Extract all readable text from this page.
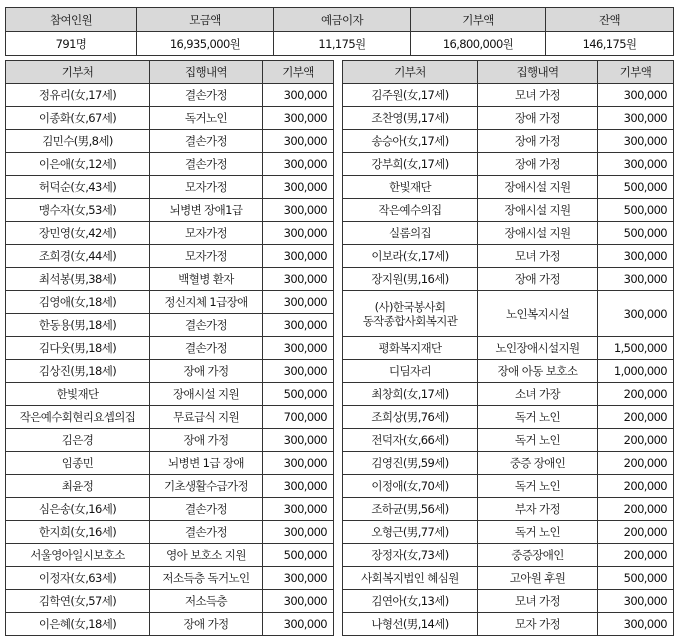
참여인원	모금액	예금이자	기부액	잔액
791명	16,935,000원	11,175원	16,800,000원	146,175원
기부처	집행내역	기부액
정유리(女,17세)	결손가정	300,000
이종화(女,67세)	독거노인	300,000
김민수(男,8세)	결손가정	300,000
이은애(女,12세)	결손가정	300,000
허덕순(女,43세)	모자가정	300,000
맹수자(女,53세)	뇌병변 장애1급	300,000
장민영(女,42세)	모자가정	300,000
조희경(女,44세)	모자가정	300,000
최석봉(男,38세)	백혈병 환자	300,000
김영애(女,18세)	정신지체 1급장애	300,000
한동용(男,18세)	결손가정	300,000
김다웃(男,18세)	결손가정	300,000
김상진(男,18세)	장애 가정	300,000
한빛재단	장애시설 지원	500,000
작은예수회현리요셉의집	무료급식 지원	700,000
김은경	장애 가정	300,000
임종민	뇌병변 1급 장애	300,000
최윤정	기초생활수급가정	300,000
심은송(女,16세)	결손가정	300,000
한지희(女,16세)	결손가정	300,000
서울영아일시보호소	영아 보호소 지원	500,000
이정자(女,63세)	저소득층 독거노인	300,000
김학연(女,57세)	저소득층	300,000
이은혜(女,18세)	장애 가정	300,000
기부처	집행내역	기부액
김주원(女,17세)	모녀 가정	300,000
조찬영(男,17세)	장애 가정	300,000
송승아(女,17세)	장애 가정	300,000
강부희(女,17세)	장애 가정	300,000
한빛재단	장애시설 지원	500,000
작은예수의집	장애시설 지원	500,000
실롬의집	장애시설 지원	500,000
이보라(女,17세)	모녀 가정	300,000
장지원(男,16세)	장애 가정	300,000

(사)한국봉사회
동작종합사회복지관	노인복지시설	300,000
평화복지재단	노인장애시설지원	1,500,000
디딤자리	장애 아동 보호소	1,000,000
최창희(女,17세)	소녀 가장	200,000
조희상(男,76세)	독거 노인	200,000
전덕자(女,66세)	독거 노인	200,000
김영진(男,59세)	중증 장애인	200,000
이정애(女,70세)	독거 노인	200,000
조하균(男,56세)	부자 가정	200,000
오형근(男,77세)	독거 노인	200,000
장정자(女,73세)	중증장애인	200,000
사회복지법인 혜심원	고아원 후원	500,000
김연아(女,13세)	모녀 가정	300,000
나형선(男,14세)	모자 가정	300,000
